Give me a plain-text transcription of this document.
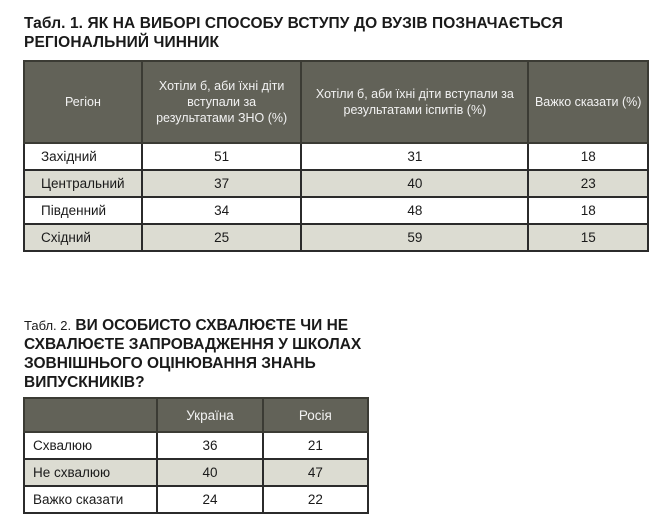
Табл. 1. ЯК НА ВИБОРІ СПОСОБУ ВСТУПУ ДО ВУЗІВ ПОЗНАЧАЄТЬСЯ РЕГІОНАЛЬНИЙ ЧИННИК
Регіон	Хотіли б, аби їхні діти вступали за результатами ЗНО (%)	Хотіли б, аби їхні діти вступали за результатами іспитів (%)	Важко сказати (%)
Західний	51	31	18
Центральний	37	40	23
Південний	34	48	18
Східний	25	59	15
Табл. 2. ВИ ОСОБИСТО СХВАЛЮЄТЕ ЧИ НЕ СХВАЛЮЄТЕ ЗАПРОВАДЖЕННЯ У ШКОЛАХ ЗОВНІШНЬОГО ОЦІНЮВАННЯ ЗНАНЬ ВИПУСКНИКІВ?
	Україна	Росія
Схвалюю	36	21
Не схвалюю	40	47
Важко сказати	24	22
